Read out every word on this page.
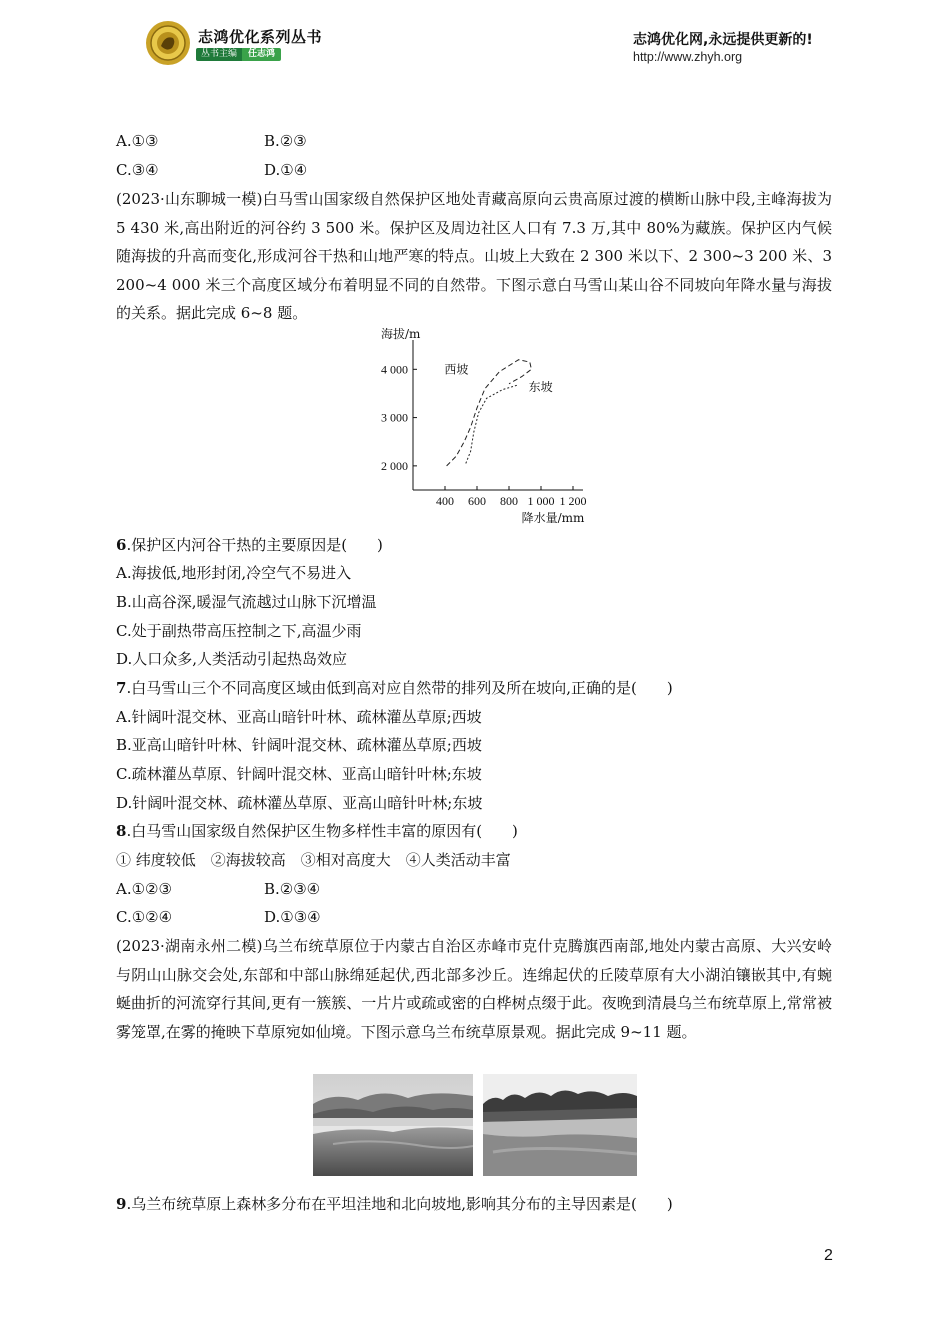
志鸿优化系列丛书
丛书主编	任志鸿
志鸿优化网,永远提供更新的!
http://www.zhyh.org
A.①③	B.②③
C.③④	D.①④
(2023·山东聊城一模)白马雪山国家级自然保护区地处青藏高原向云贵高原过渡的横断山脉中段,主峰海拔为 5 430 米,高出附近的河谷约 3 500 米。保护区及周边社区人口有 7.3 万,其中 80%为藏族。保护区内气候随海拔的升高而变化,形成河谷干热和山地严寒的特点。山坡上大致在 2 300 米以下、2 300~3 200 米、3 200~4 000 米三个高度区域分布着明显不同的自然带。下图示意白马雪山某山谷不同坡向年降水量与海拔的关系。据此完成 6~8 题。
4 000
3 000
2 000
400 600 800 1 000 1 200
海拔/m
降水量/mm
西坡
东坡
6.保护区内河谷干热的主要原因是(　　)
A.海拔低,地形封闭,冷空气不易进入
B.山高谷深,暖湿气流越过山脉下沉增温
C.处于副热带高压控制之下,高温少雨
D.人口众多,人类活动引起热岛效应
7.白马雪山三个不同高度区域由低到高对应自然带的排列及所在坡向,正确的是(　　)
A.针阔叶混交林、亚高山暗针叶林、疏林灌丛草原;西坡
B.亚高山暗针叶林、针阔叶混交林、疏林灌丛草原;西坡
C.疏林灌丛草原、针阔叶混交林、亚高山暗针叶林;东坡
D.针阔叶混交林、疏林灌丛草原、亚高山暗针叶林;东坡
8.白马雪山国家级自然保护区生物多样性丰富的原因有(　　)
① 纬度较低　②海拔较高　③相对高度大　④人类活动丰富
A.①②③	B.②③④
C.①②④	D.①③④
(2023·湖南永州二模)乌兰布统草原位于内蒙古自治区赤峰市克什克腾旗西南部,地处内蒙古高原、大兴安岭与阴山山脉交会处,东部和中部山脉绵延起伏,西北部多沙丘。连绵起伏的丘陵草原有大小湖泊镶嵌其中,有蜿蜒曲折的河流穿行其间,更有一簇簇、一片片或疏或密的白桦树点缀于此。夜晚到清晨乌兰布统草原上,常常被雾笼罩,在雾的掩映下草原宛如仙境。下图示意乌兰布统草原景观。据此完成 9~11 题。
9.乌兰布统草原上森林多分布在平坦洼地和北向坡地,影响其分布的主导因素是(　　)
2
